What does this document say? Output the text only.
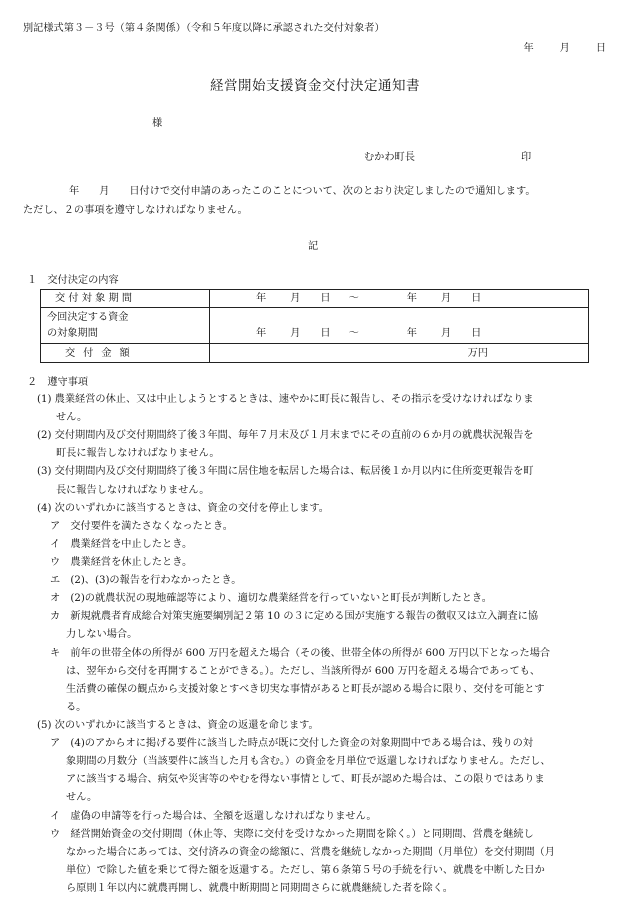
別記様式第３－３号（第４条関係）（令和５年度以降に承認された交付対象者）
年	月	日
経営開始支援資金交付決定通知書
様
むかわ町長	印
年 月 日付けで交付申請のあったこのことについて、次のとおり決定しましたので通知します。
ただし、２の事項を遵守しなければなりません。
記
１　交付決定の内容
交付対象期間	年 月 日 ～ 年 月 日

今回決定する資金
の対象期間	年 月 日 ～ 年 月 日
交付金額	万円
２　遵守事項
(1) 農業経営の休止、又は中止しようとするときは、速やかに町長に報告し、その指示を受けなければなりま
せん。
(2) 交付期間内及び交付期間終了後３年間、毎年７月末及び１月末までにその直前の６か月の就農状況報告を
町長に報告しなければなりません。
(3) 交付期間内及び交付期間終了後３年間に居住地を転居した場合は、転居後１か月以内に住所変更報告を町
長に報告しなければなりません。
(4) 次のいずれかに該当するときは、資金の交付を停止します。
ア　交付要件を満たさなくなったとき。
イ　農業経営を中止したとき。
ウ　農業経営を休止したとき。
エ　(2)、(3)の報告を行わなかったとき。
オ　(2)の就農状況の現地確認等により、適切な農業経営を行っていないと町長が判断したとき。
カ　新規就農者育成総合対策実施要綱別記２第 10 の３に定める国が実施する報告の徴収又は立入調査に協
力しない場合。
キ　前年の世帯全体の所得が 600 万円を超えた場合（その後、世帯全体の所得が 600 万円以下となった場合
は、翌年から交付を再開することができる。）。ただし、当該所得が 600 万円を超える場合であっても、
生活費の確保の観点から支援対象とすべき切実な事情があると町長が認める場合に限り、交付を可能とす
る。
(5) 次のいずれかに該当するときは、資金の返還を命じます。
ア　(4)のアからオに掲げる要件に該当した時点が既に交付した資金の対象期間中である場合は、残りの対
象期間の月数分（当該要件に該当した月も含む。）の資金を月単位で返還しなければなりません。ただし、
アに該当する場合、病気や災害等のやむを得ない事情として、町長が認めた場合は、この限りではありま
せん。
イ　虚偽の申請等を行った場合は、全額を返還しなければなりません。
ウ　経営開始資金の交付期間（休止等、実際に交付を受けなかった期間を除く。）と同期間、営農を継続し
なかった場合にあっては、交付済みの資金の総額に、営農を継続しなかった期間（月単位）を交付期間（月
単位）で除した値を乗じて得た額を返還する。ただし、第６条第５号の手続を行い、就農を中断した日か
ら原則１年以内に就農再開し、就農中断期間と同期間さらに就農継続した者を除く。
